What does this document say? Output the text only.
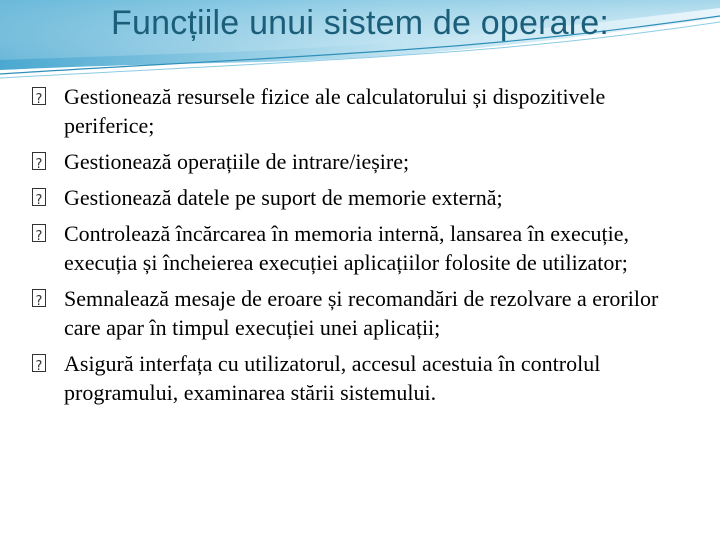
Funcțiile unui sistem de operare:
?
Gestionează resursele fizice ale calculatorului și dispozitivele periferice;
?
Gestionează operațiile de intrare/ieșire;
?
Gestionează datele pe suport de memorie externă;
?
Controlează încărcarea în memoria internă, lansarea în execuție, execuția și încheierea execuției aplicațiilor folosite de utilizator;
?
Semnalează mesaje de eroare și recomandări de rezolvare a erorilor care apar în timpul execuției unei aplicații;
?
Asigură interfața cu utilizatorul, accesul acestuia în controlul programului, examinarea stării sistemului.
